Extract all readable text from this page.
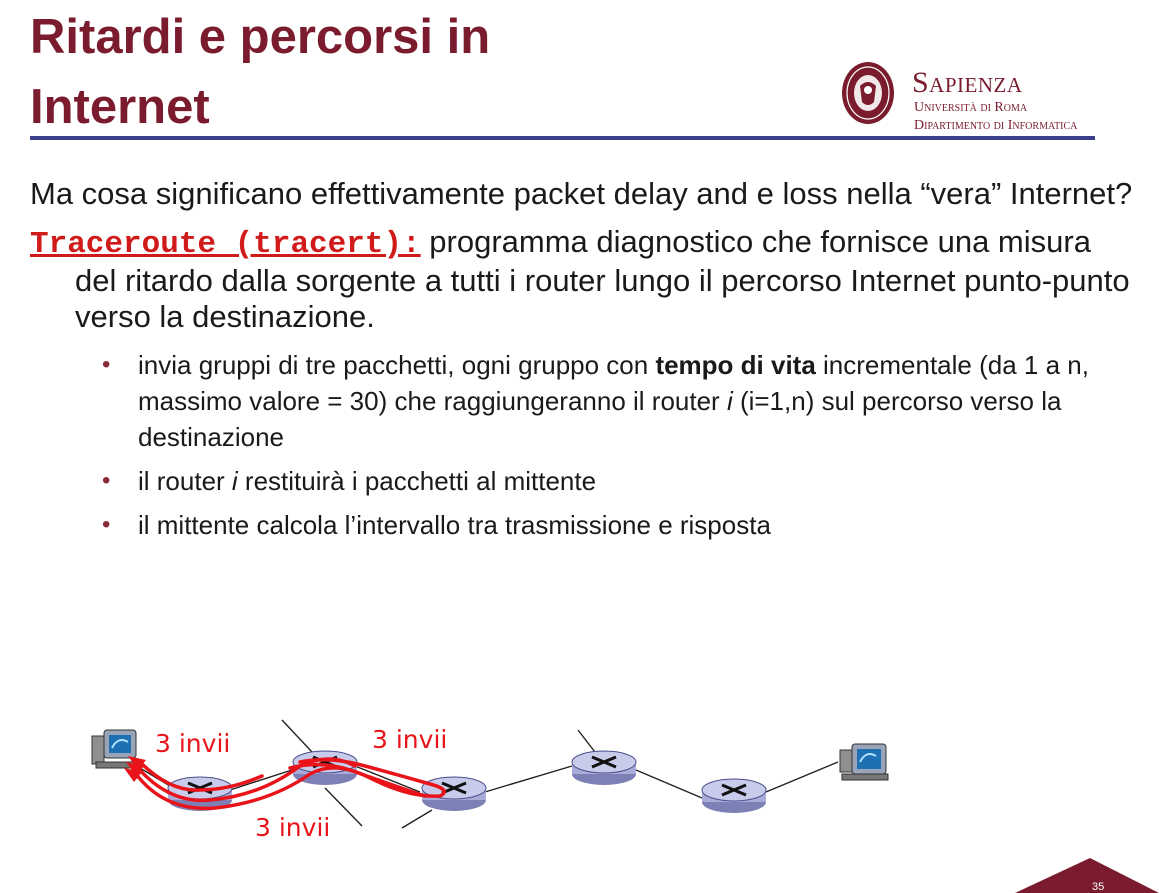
Ritardi e percorsi in
Internet	Sapienza
Università di Roma
Dipartimento di Informatica

Ma cosa significano effettivamente packet delay and e loss nella “vera” Internet?

Traceroute (tracert): programma diagnostico che fornisce una misura del ritardo dalla sorgente a tutti i router lungo il percorso Internet punto-punto verso la destinazione.

• invia gruppi di tre pacchetti, ogni gruppo con tempo di vita incrementale (da 1 a n, massimo valore = 30) che raggiungeranno il router i (i=1,n) sul percorso verso la destinazione
• il router i restituirà i pacchetti al mittente
• il mittente calcola l’intervallo tra trasmissione e risposta
3 invii	3 invii
3 invii
35
